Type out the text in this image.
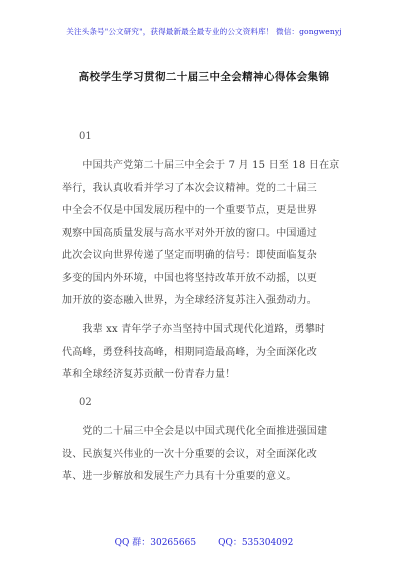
关注头条号"公文研究"，获得最新最全最专业的公文资料库！ 微信：gongwenyj
高校学生学习贯彻二十届三中全会精神心得体会集锦
01
　　中国共产党第二十届三中全会于 7 月 15 日至 18 日在京
举行，我认真收看并学习了本次会议精神。党的二十届三
中全会不仅是中国发展历程中的一个重要节点，更是世界
观察中国高质量发展与高水平对外开放的窗口。中国通过
此次会议向世界传递了坚定而明确的信号：即使面临复杂
多变的国内外环境，中国也将坚持改革开放不动摇，以更
加开放的姿态融入世界，为全球经济复苏注入强劲动力。
　　我辈 xx 青年学子亦当坚持中国式现代化道路，勇攀时
代高峰，勇登科技高峰，相期同造最高峰，为全面深化改
革和全球经济复苏贡献一份青春力量！
02
　　党的二十届三中全会是以中国式现代化全面推进强国建
设、民族复兴伟业的一次十分重要的会议，对全面深化改
革、进一步解放和发展生产力具有十分重要的意义。
QQ 群：30265665 QQ：535304092
